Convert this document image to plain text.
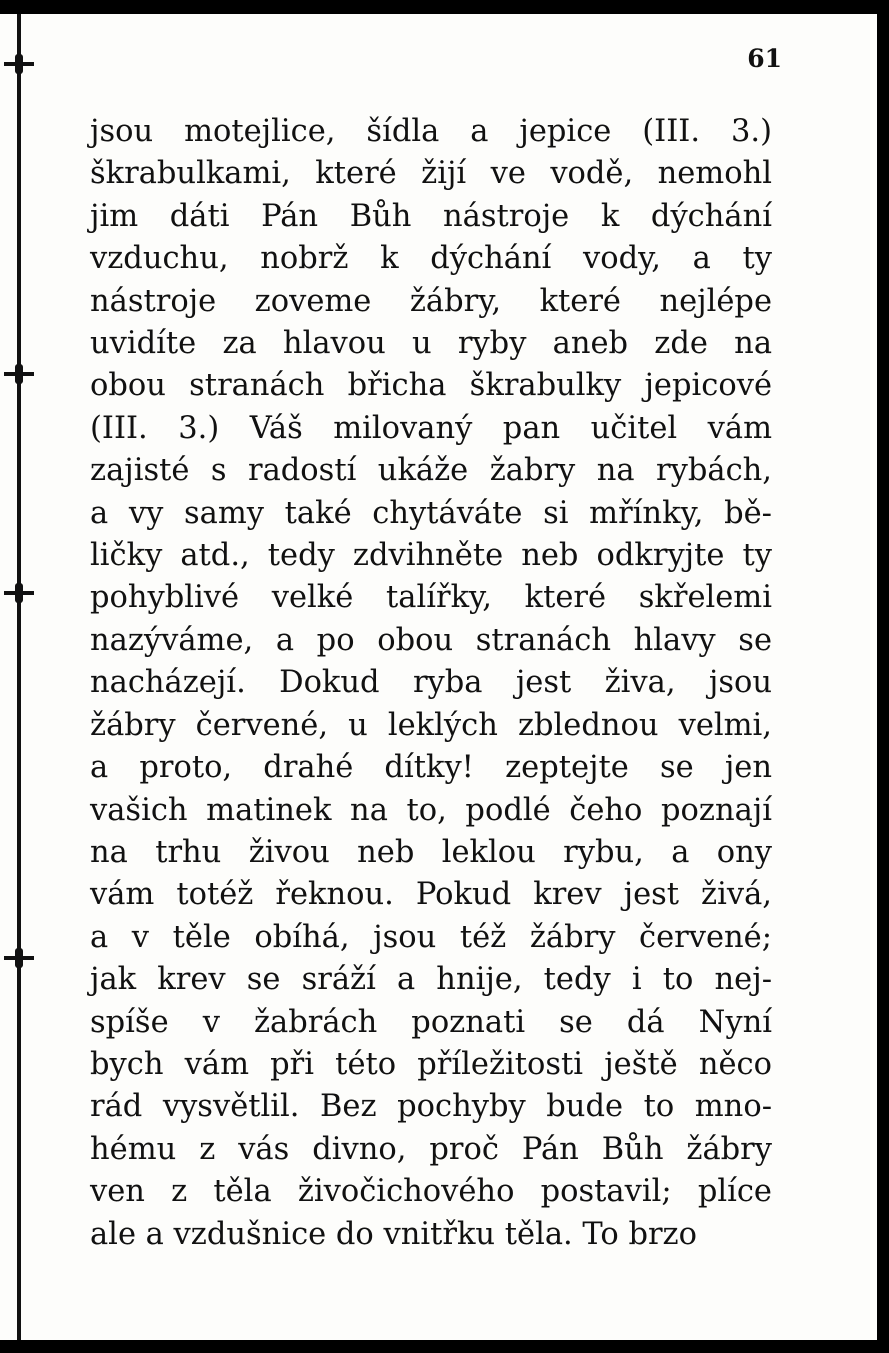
61

jsou motejlice, šídla a jepice (III. 3.)
škrabulkami, které žijí ve vodě, nemohl
jim dáti Pán Bůh nástroje k dýchání
vzduchu, nobrž k dýchání vody, a ty
nástroje zoveme žábry, které nejlépe
uvidíte za hlavou u ryby aneb zde na
obou stranách břicha škrabulky jepicové
(III. 3.) Váš milovaný pan učitel vám
zajisté s radostí ukáže žabry na rybách,
a vy samy také chytáváte si mřínky, bě-
ličky atd., tedy zdvihněte neb odkryjte ty
pohyblivé velké talířky, které skřelemi
nazýváme, a po obou stranách hlavy se
nacházejí. Dokud ryba jest živa, jsou
žábry červené, u leklých zblednou velmi,
a proto, drahé dítky! zeptejte se jen
vašich matinek na to, podlé čeho poznají
na trhu živou neb leklou rybu, a ony
vám totéž řeknou. Pokud krev jest živá,
a v těle obíhá, jsou též žábry červené;
jak krev se sráží a hnije, tedy i to nej-
spíše v žabrách poznati se dá Nyní
bych vám při této příležitosti ještě něco
rád vysvětlil. Bez pochyby bude to mno-
hému z vás divno, proč Pán Bůh žábry
ven z těla živočichového postavil; plíce
ale a vzdušnice do vnitřku těla. To brzo
